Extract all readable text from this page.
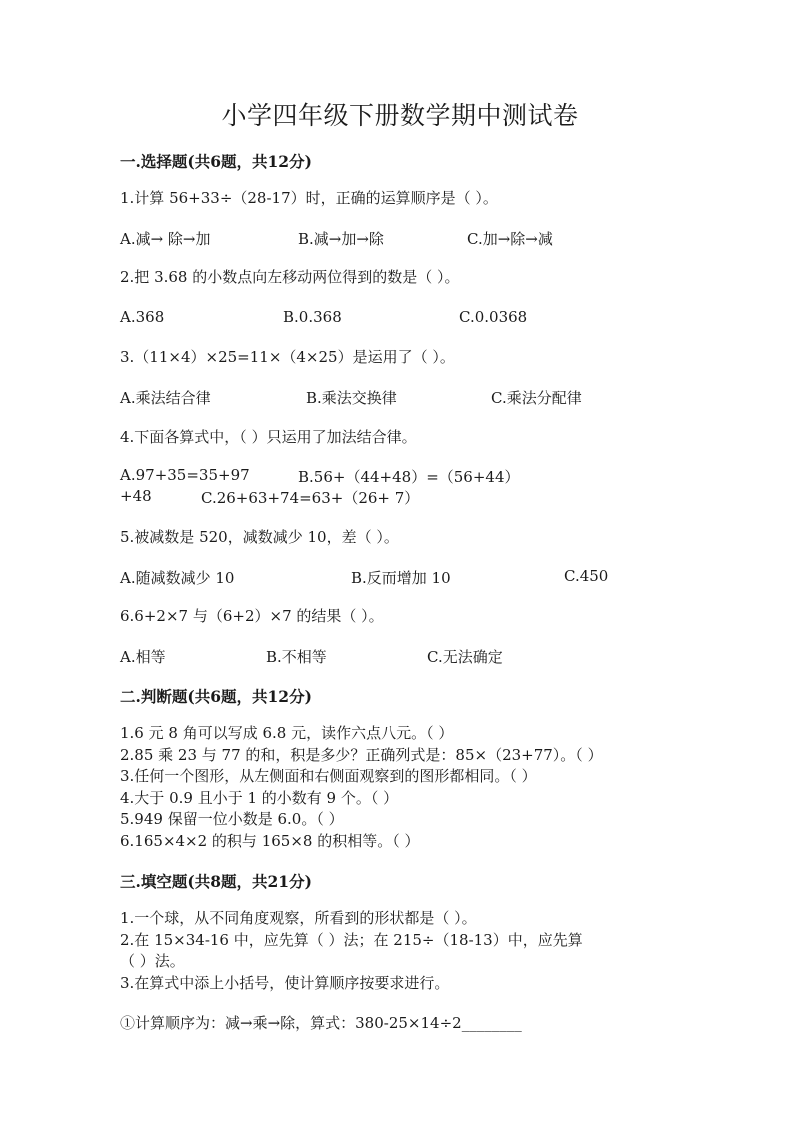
小学四年级下册数学期中测试卷
一.选择题(共6题，共12分)
1.计算 56+33÷（28-17）时，正确的运算顺序是（ ）。
A.减→ 除→加	B.减→加→除	C.加→除→减
2.把 3.68 的小数点向左移动两位得到的数是（ ）。
A.368	B.0.368	C.0.0368
3.（11×4）×25=11×（4×25）是运用了（ ）。
A.乘法结合律	B.乘法交换律	C.乘法分配律
4.下面各算式中，（ ）只运用了加法结合律。
A.97+35=35+97	B.56+（44+48）=（56+44）
+48	C.26+63+74=63+（26+ 7）
5.被减数是 520，减数减少 10，差（ ）。
A.随减数减少 10	B.反而增加 10	C.450
6.6+2×7 与（6+2）×7 的结果（ ）。
A.相等	B.不相等	C.无法确定
二.判断题(共6题，共12分)
1.6 元 8 角可以写成 6.8 元，读作六点八元。（ ）
2.85 乘 23 与 77 的和，积是多少？正确列式是：85×（23+77）。（ ）
3.任何一个图形，从左侧面和右侧面观察到的图形都相同。（ ）
4.大于 0.9 且小于 1 的小数有 9 个。（ ）
5.949 保留一位小数是 6.0。（ ）
6.165×4×2 的积与 165×8 的积相等。（ ）
三.填空题(共8题，共21分)
1.一个球，从不同角度观察，所看到的形状都是（ ）。
2.在 15×34-16 中，应先算（ ）法；在 215÷（18-13）中，应先算
（ ）法。
3.在算式中添上小括号，使计算顺序按要求进行。
①计算顺序为：减→乘→除，算式：380-25×14÷2________
